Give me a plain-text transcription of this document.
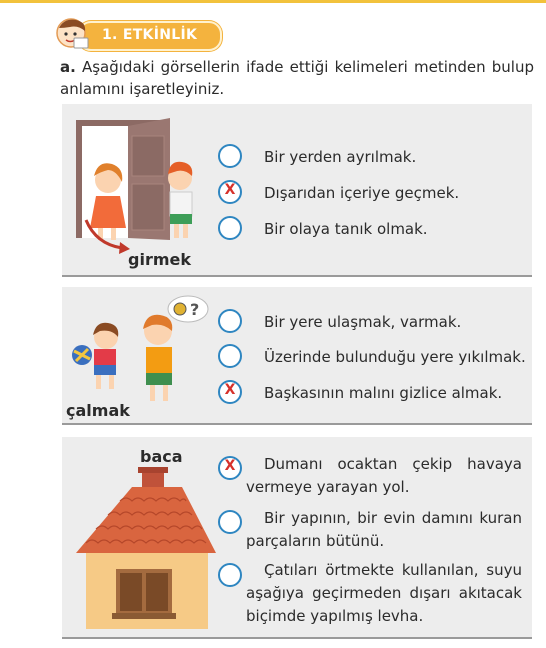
1. ETKİNLİK
a. Aşağıdaki görsellerin ifade ettiği kelimeleri metinden bulup anlamını işaretleyiniz.
girmek
Bir yerden ayrılmak.
X	Dışarıdan içeriye geçmek.
Bir olaya tanık olmak.
?
çalmak
Bir yere ulaşmak, varmak.
Üzerinde bulunduğu yere yıkılmak.
X	Başkasının malını gizlice almak.
baca	X	Dumanı ocaktan çekip havaya vermeye yarayan yol.
Bir yapının, bir evin damını kuran parçaların bütünü.
Çatıları örtmekte kullanılan, suyu aşağıya geçirmeden dışarı akıtacak biçimde yapılmış levha.
